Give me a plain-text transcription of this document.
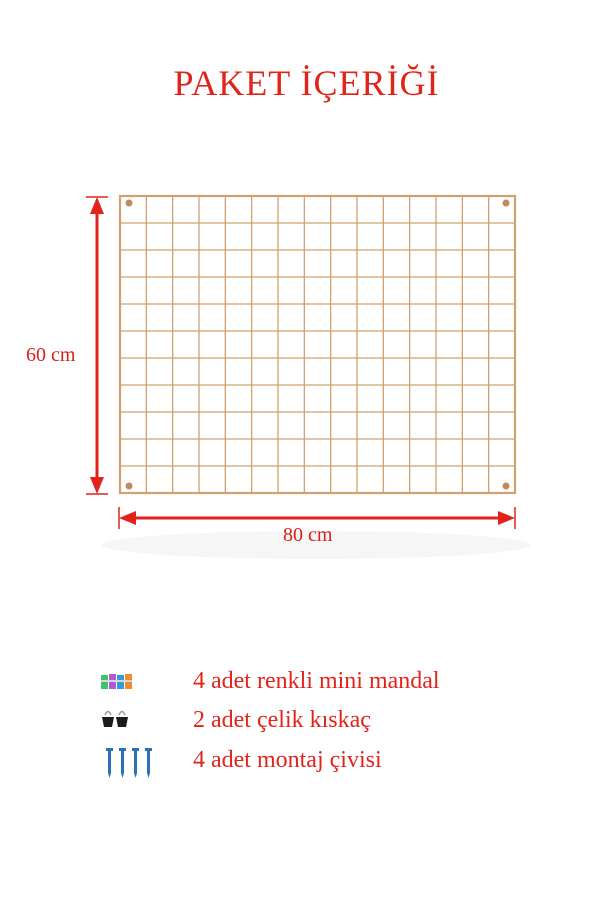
PAKET İÇERİĞİ
60 cm
80 cm
4 adet renkli mini mandal
2 adet çelik kıskaç
4 adet montaj çivisi
